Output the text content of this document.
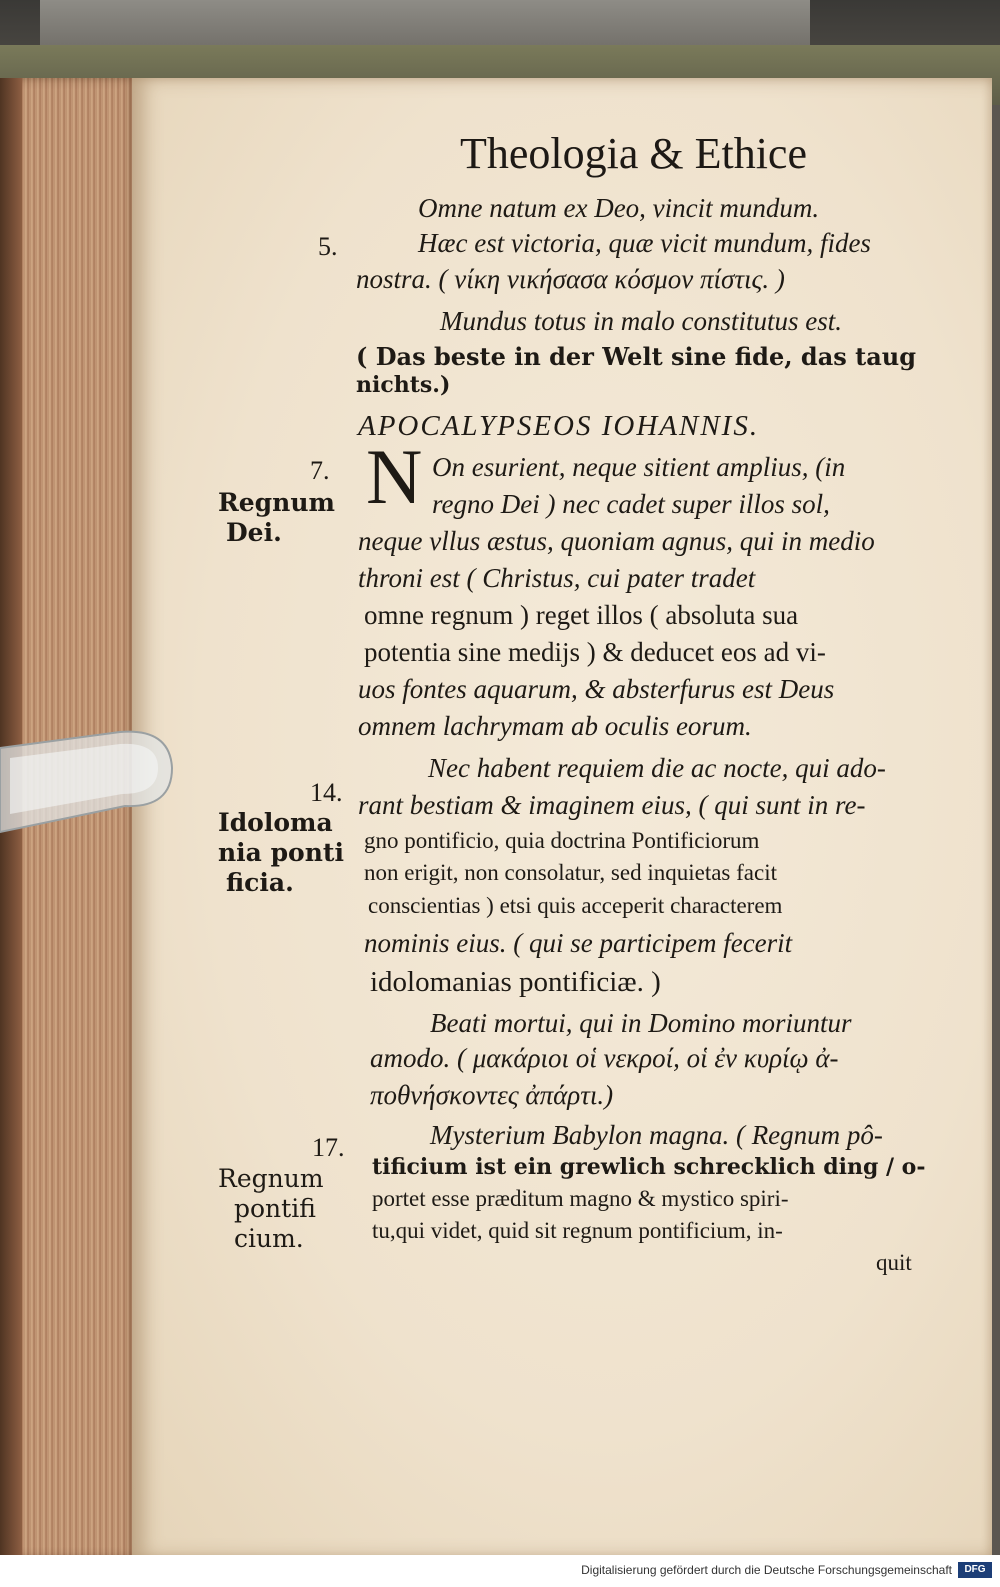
Theologia & Ethice
5.
7.
14.
17.
Regnum
Dei.
Idoloma
nia ponti
ficia.
Regnum
pontifi
cium.
Omne natum ex Deo, vincit mundum.
Hæc est victoria, quæ vicit mundum, fides
nostra. ( νίκη νικήσασα κόσμον πίστις. )
Mundus totus in malo constitutus est.
( Das beste in der Welt sine fide, das taug
nichts.)
APOCALYPSEOS IOHANNIS.
N On esurient, neque sitient amplius, (in
regno Dei ) nec cadet super illos sol,
neque vllus æstus, quoniam agnus, qui in medio
throni est ( Christus, cui pater tradet
omne regnum ) reget illos ( absoluta sua
potentia sine medijs ) & deducet eos ad vi-
uos fontes aquarum, & absterfurus est Deus
omnem lachrymam ab oculis eorum.
Nec habent requiem die ac nocte, qui ado-
rant bestiam & imaginem eius, ( qui sunt in re-
gno pontificio, quia doctrina Pontificiorum
non erigit, non consolatur, sed inquietas facit
conscientias ) etsi quis acceperit characterem
nominis eius. ( qui se participem fecerit
idolomanias pontificiæ. )
Beati mortui, qui in Domino moriuntur
amodo. ( μακάριοι οἱ νεκροί, οἱ ἐν κυρίῳ ἀ-
ποθνήσκοντες ἀπάρτι.)
Mysterium Babylon magna. ( Regnum pô-
tificium ist ein grewlich schrecklich ding / o-
portet esse præditum magno & mystico spiri-
tu,qui videt, quid sit regnum pontificium, in-
quit
Digitalisierung gefördert durch die Deutsche Forschungsgemeinschaft	DFG
